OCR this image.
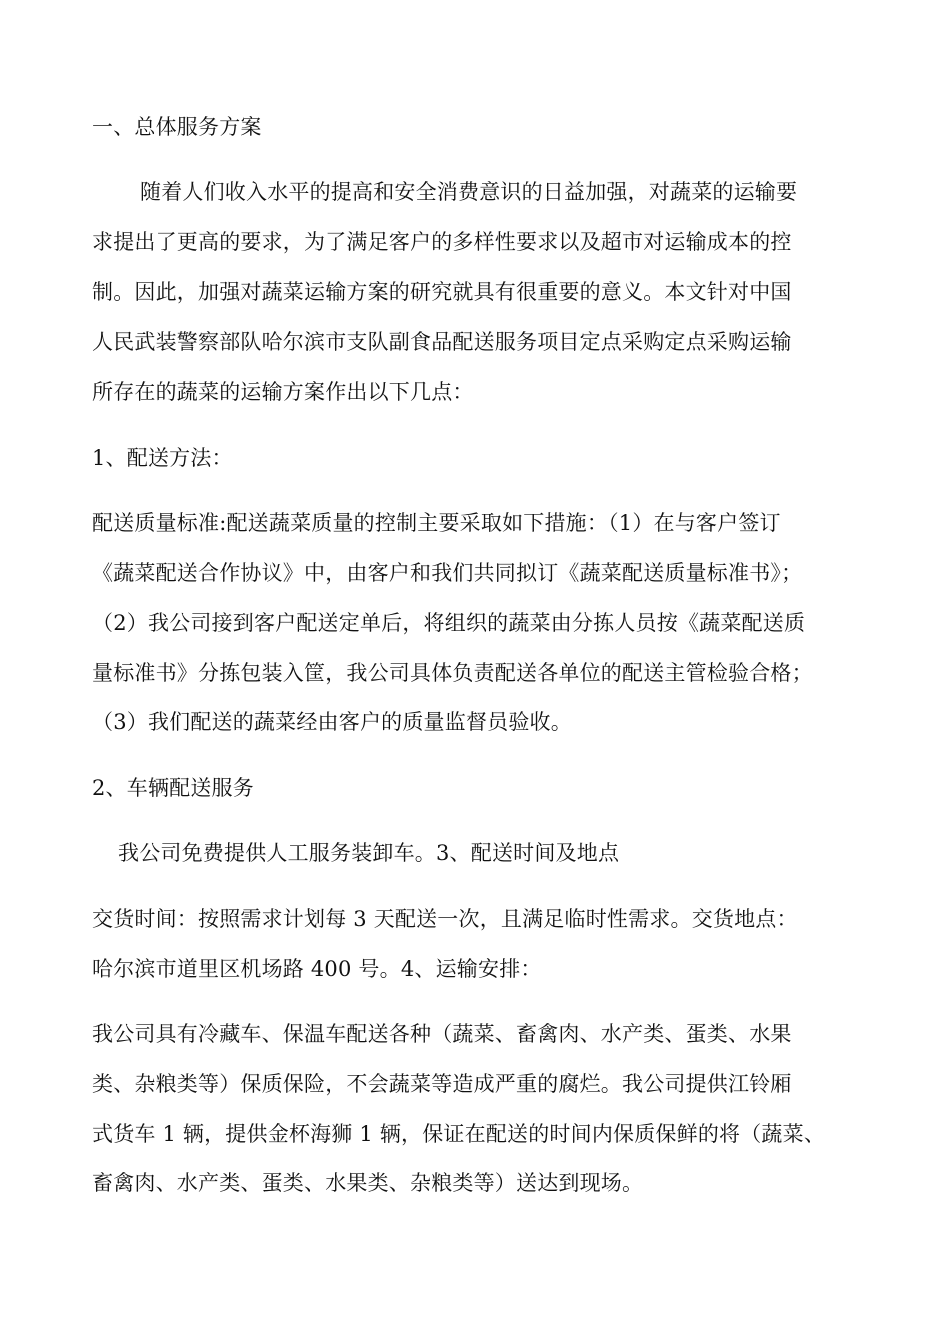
一、总体服务方案
随着人们收入水平的提高和安全消费意识的日益加强，对蔬菜的运输要
求提出了更高的要求，为了满足客户的多样性要求以及超市对运输成本的控
制。因此，加强对蔬菜运输方案的研究就具有很重要的意义。本文针对中国
人民武装警察部队哈尔滨市支队副食品配送服务项目定点采购定点采购运输
所存在的蔬菜的运输方案作出以下几点：
1、配送方法：
配送质量标准:配送蔬菜质量的控制主要采取如下措施：（1）在与客户签订
《蔬菜配送合作协议》中，由客户和我们共同拟订《蔬菜配送质量标准书》；
（2）我公司接到客户配送定单后，将组织的蔬菜由分拣人员按《蔬菜配送质
量标准书》分拣包装入筐，我公司具体负责配送各单位的配送主管检验合格；
（3）我们配送的蔬菜经由客户的质量监督员验收。
2、车辆配送服务
我公司免费提供人工服务装卸车。3、配送时间及地点
交货时间：按照需求计划每 3 天配送一次，且满足临时性需求。交货地点：
哈尔滨市道里区机场路 400 号。4、运输安排：
我公司具有冷藏车、保温车配送各种（蔬菜、畜禽肉、水产类、蛋类、水果
类、杂粮类等）保质保险，不会蔬菜等造成严重的腐烂。我公司提供江铃厢
式货车 1 辆，提供金杯海狮 1 辆，保证在配送的时间内保质保鲜的将（蔬菜、
畜禽肉、水产类、蛋类、水果类、杂粮类等）送达到现场。
